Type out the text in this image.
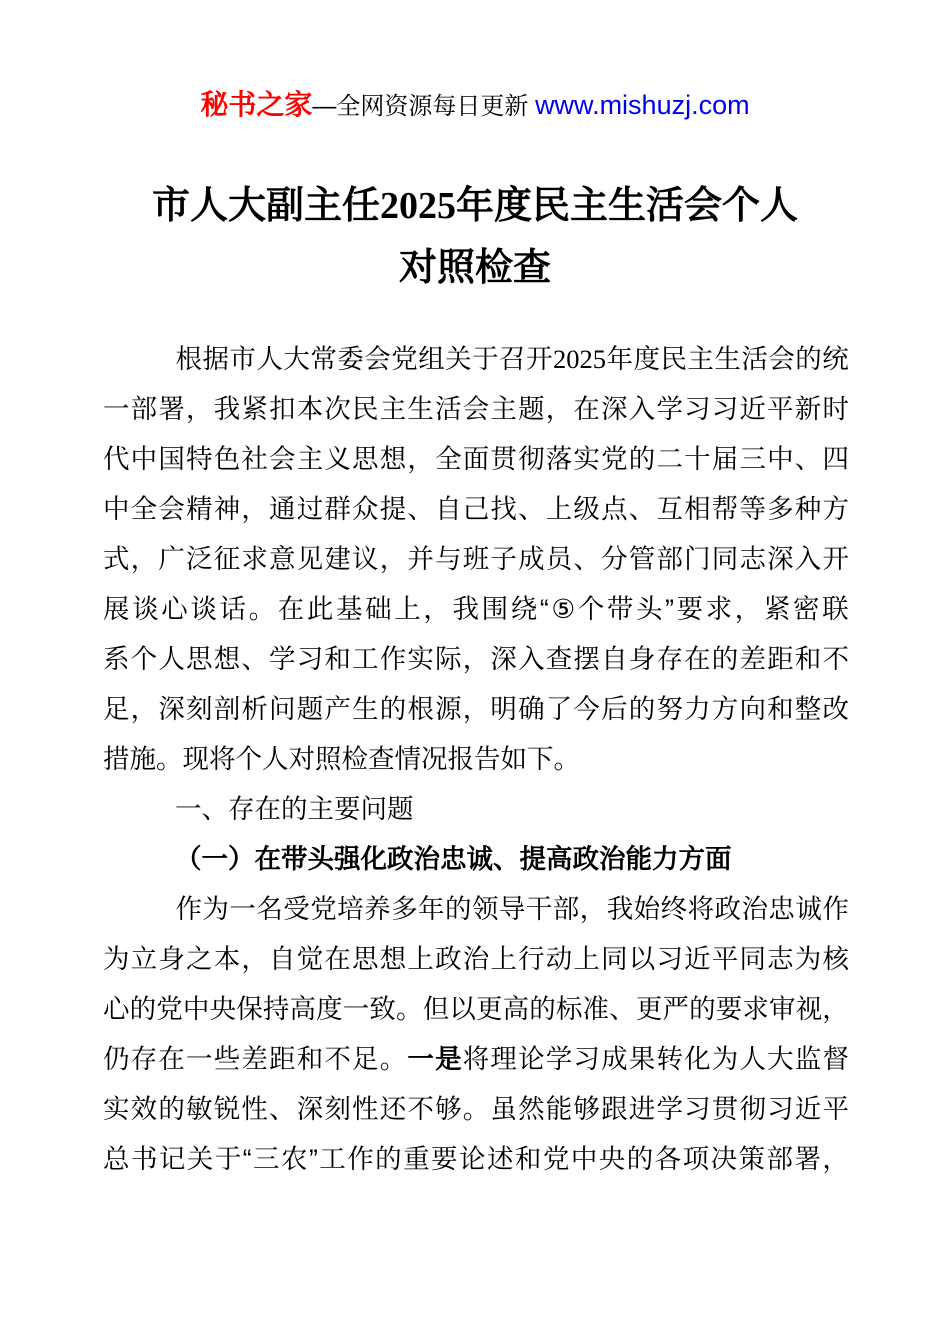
秘书之家—全网资源每日更新 www.mishuzj.com
市人大副主任2025年度民主生活会个人
对照检查
根 据 市 人 大 常 委 会 党 组 关 于 召 开 2025 年 度 民 主 生 活 会 的 统
一 部 署 ， 我 紧 扣 本 次 民 主 生 活 会 主 题 ， 在 深 入 学 习 习 近 平 新 时
代 中 国 特 色 社 会 主 义 思 想 ， 全 面 贯 彻 落 实 党 的 二 十 届 三 中 、 四
中 全 会 精 神 ， 通 过 群 众 提 、 自 己 找 、 上 级 点 、 互 相 帮 等 多 种 方
式 ， 广 泛 征 求 意 见 建 议 ， 并 与 班 子 成 员 、 分 管 部 门 同 志 深 入 开
展 谈 心 谈 话 。 在 此 基 础 上 ， 我 围 绕 “ ⑤ 个 带 头 ” 要 求 ， 紧 密 联
系 个 人 思 想 、 学 习 和 工 作 实 际 ， 深 入 查 摆 自 身 存 在 的 差 距 和 不
足 ， 深 刻 剖 析 问 题 产 生 的 根 源 ， 明 确 了 今 后 的 努 力 方 向 和 整 改
措施。现将个人对照检查情况报告如下。
一、存在的主要问题
（一）在带头强化政治忠诚、提高政治能力方面
作 为 一 名 受 党 培 养 多 年 的 领 导 干 部 ， 我 始 终 将 政 治 忠 诚 作
为 立 身 之 本 ， 自 觉 在 思 想 上 政 治 上 行 动 上 同 以 习 近 平 同 志 为 核
心 的 党 中 央 保 持 高 度 一 致 。 但 以 更 高 的 标 准 、 更 严 的 要 求 审 视 ，
仍 存 在 一 些 差 距 和 不 足 。 一 是 将 理 论 学 习 成 果 转 化 为 人 大 监 督
实 效 的 敏 锐 性 、 深 刻 性 还 不 够 。 虽 然 能 够 跟 进 学 习 贯 彻 习 近 平
总 书 记 关 于 “ 三 农 ” 工 作 的 重 要 论 述 和 党 中 央 的 各 项 决 策 部 署 ，
